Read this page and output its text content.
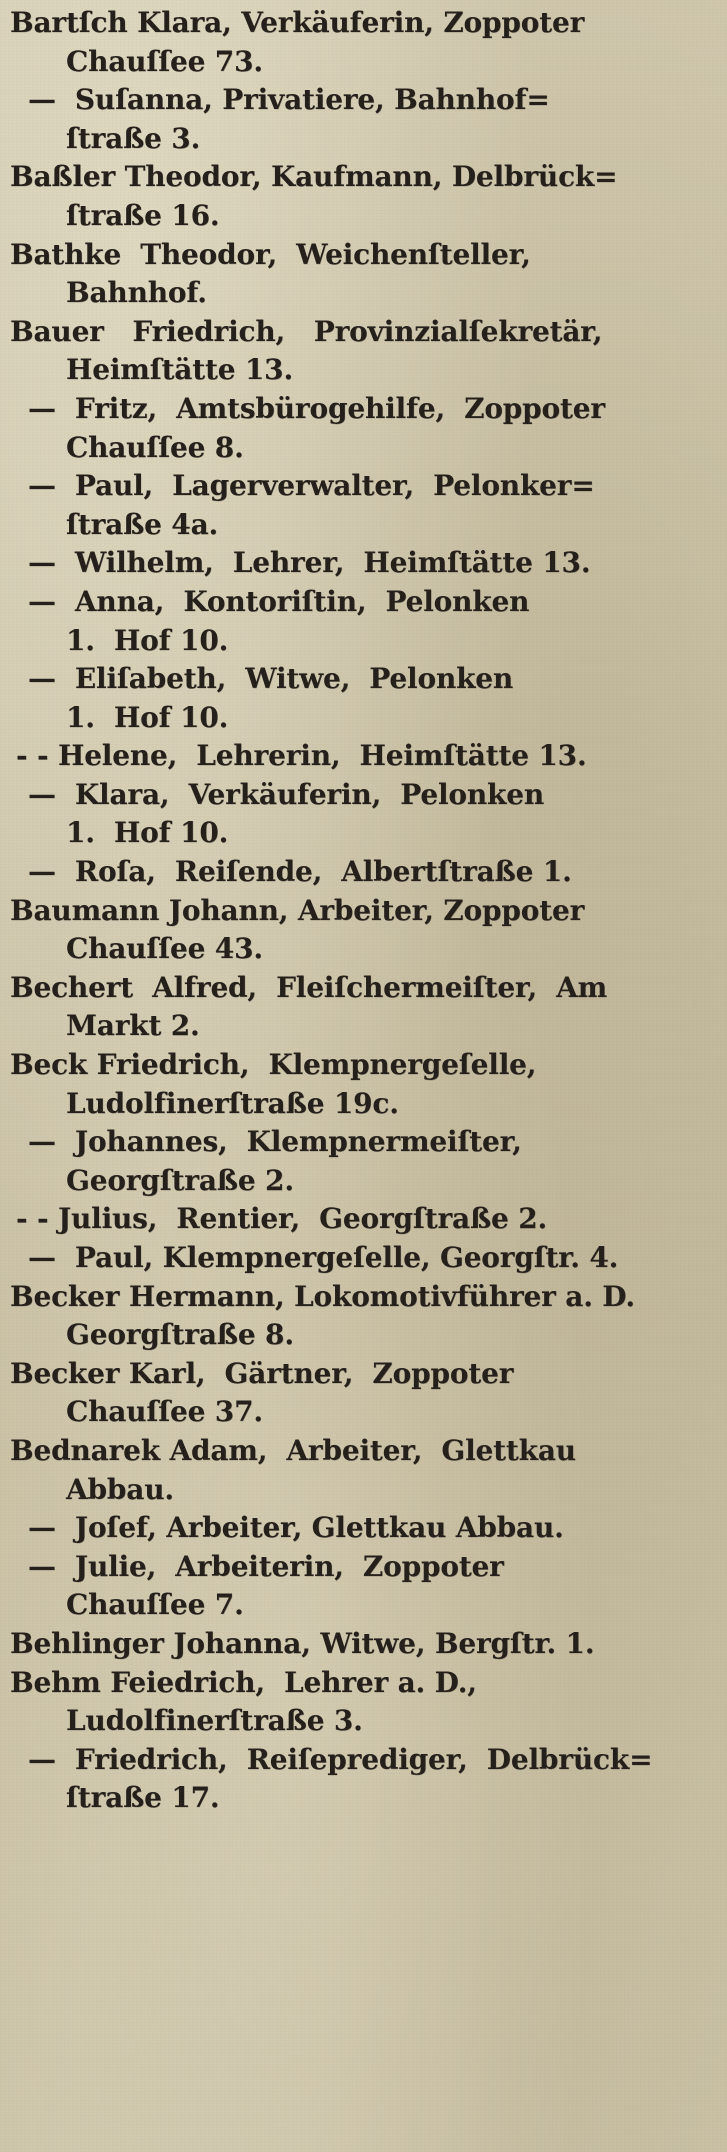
Bartſch Klara, Verkäuferin, Zoppoter
Chauſſee 73.
—  Suſanna, Privatiere, Bahnhof=
ſtraße 3.
Baßler Theodor, Kaufmann, Delbrück=
ſtraße 16.
Bathke  Theodor,  Weichenſteller,
Bahnhof.
Bauer   Friedrich,   Provinzialſekretär,
Heimſtätte 13.
—  Fritz,  Amtsbürogehilfe,  Zoppoter
Chauſſee 8.
—  Paul,  Lagerverwalter,  Pelonker=
ſtraße 4a.
—  Wilhelm,  Lehrer,  Heimſtätte 13.
—  Anna,  Kontoriſtin,  Pelonken
1.  Hof 10.
—  Eliſabeth,  Witwe,  Pelonken
1.  Hof 10.
- - Helene,  Lehrerin,  Heimſtätte 13.
—  Klara,  Verkäuferin,  Pelonken
1.  Hof 10.
—  Roſa,  Reiſende,  Albertſtraße 1.
Baumann Johann, Arbeiter, Zoppoter
Chauſſee 43.
Bechert  Alfred,  Fleiſchermeiſter,  Am
Markt 2.
Beck Friedrich,  Klempnergeſelle,
Ludolfinerſtraße 19c.
—  Johannes,  Klempnermeiſter,
Georgſtraße 2.
- - Julius,  Rentier,  Georgſtraße 2.
—  Paul, Klempnergeſelle, Georgſtr. 4.
Becker Hermann, Lokomotivführer a. D.
Georgſtraße 8.
Becker Karl,  Gärtner,  Zoppoter
Chauſſee 37.
Bednarek Adam,  Arbeiter,  Glettkau
Abbau.
—  Joſef, Arbeiter, Glettkau Abbau.
—  Julie,  Arbeiterin,  Zoppoter
Chauſſee 7.
Behlinger Johanna, Witwe, Bergſtr. 1.
Behm Feiedrich,  Lehrer a. D.,
Ludolfinerſtraße 3.
—  Friedrich,  Reiſeprediger,  Delbrück=
ſtraße 17.
